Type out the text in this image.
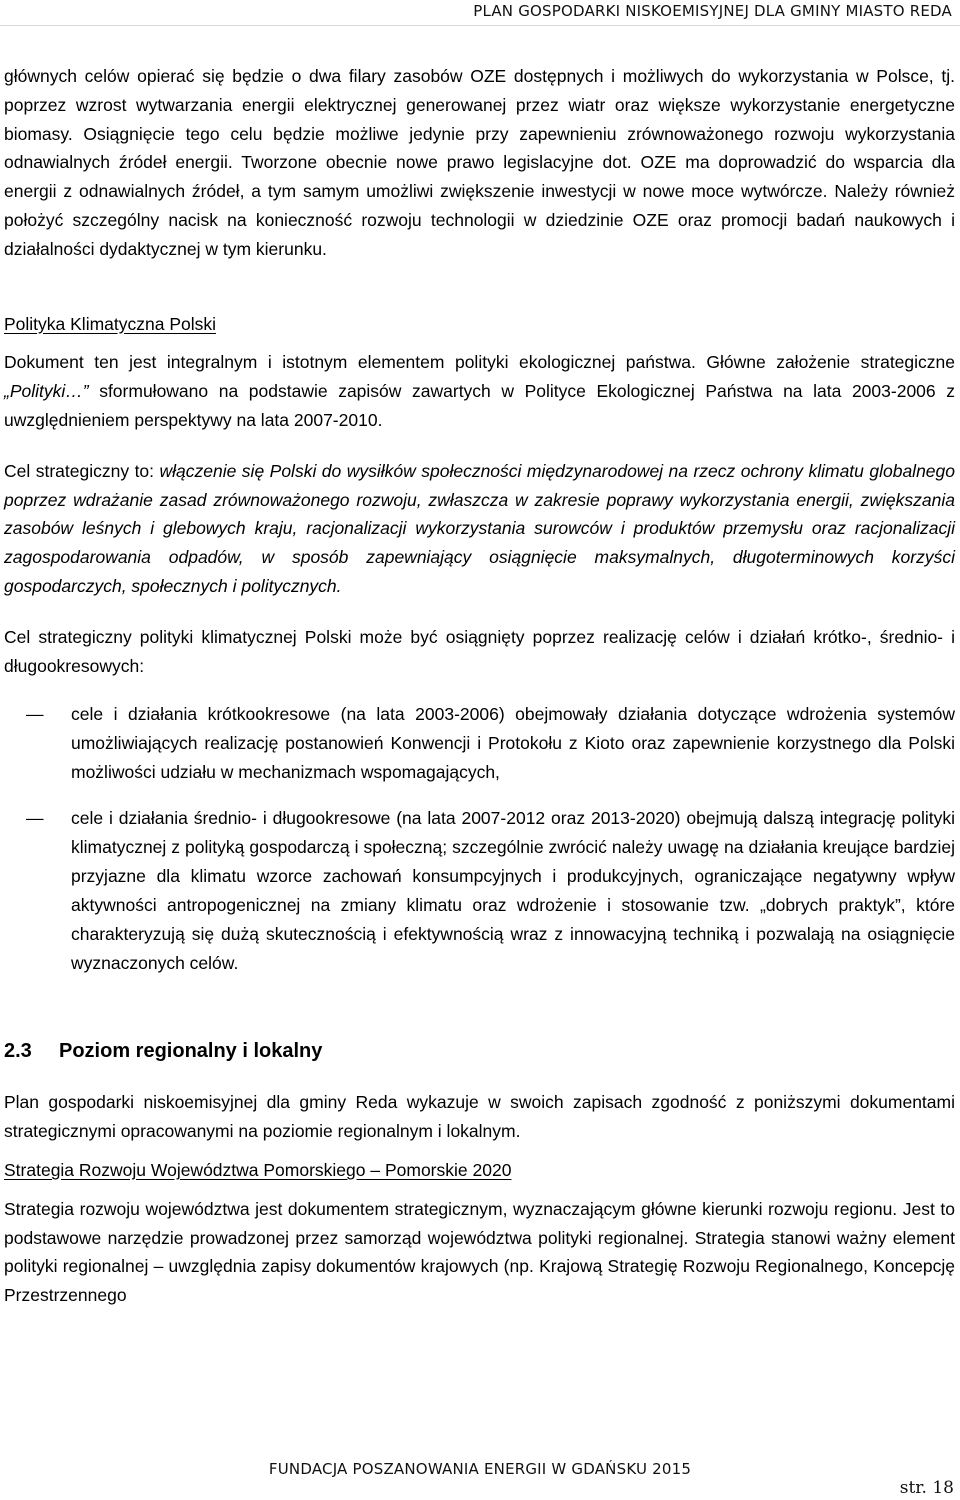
PLAN GOSPODARKI NISKOEMISYJNEJ DLA GMINY MIASTO REDA

głównych celów opierać się będzie o dwa filary zasobów OZE dostępnych i możliwych do wykorzystania w Polsce, tj. poprzez wzrost wytwarzania energii elektrycznej generowanej przez wiatr oraz większe wykorzystanie energetyczne biomasy. Osiągnięcie tego celu będzie możliwe jedynie przy zapewnieniu zrównoważonego rozwoju wykorzystania odnawialnych źródeł energii. Tworzone obecnie nowe prawo legislacyjne dot. OZE ma doprowadzić do wsparcia dla energii z odnawialnych źródeł, a tym samym umożliwi zwiększenie inwestycji w nowe moce wytwórcze. Należy również położyć szczególny nacisk na konieczność rozwoju technologii w dziedzinie OZE oraz promocji badań naukowych i działalności dydaktycznej w tym kierunku.

Polityka Klimatyczna Polski

Dokument ten jest integralnym i istotnym elementem polityki ekologicznej państwa. Główne założenie strategiczne „Polityki…” sformułowano na podstawie zapisów zawartych w Polityce Ekologicznej Państwa na lata 2003-2006 z uwzględnieniem perspektywy na lata 2007-2010.

Cel strategiczny to: włączenie się Polski do wysiłków społeczności międzynarodowej na rzecz ochrony klimatu globalnego poprzez wdrażanie zasad zrównoważonego rozwoju, zwłaszcza w zakresie poprawy wykorzystania energii, zwiększania zasobów leśnych i glebowych kraju, racjonalizacji wykorzystania surowców i produktów przemysłu oraz racjonalizacji zagospodarowania odpadów, w sposób zapewniający osiągnięcie maksymalnych, długoterminowych korzyści gospodarczych, społecznych i politycznych.

Cel strategiczny polityki klimatycznej Polski może być osiągnięty poprzez realizację celów i działań krótko-, średnio- i długookresowych:

—	cele i działania krótkookresowe (na lata 2003-2006) obejmowały działania dotyczące wdrożenia systemów umożliwiających realizację postanowień Konwencji i Protokołu z Kioto oraz zapewnienie korzystnego dla Polski możliwości udziału w mechanizmach wspomagających,
—	cele i działania średnio- i długookresowe (na lata 2007-2012 oraz 2013-2020) obejmują dalszą integrację polityki klimatycznej z polityką gospodarczą i społeczną; szczególnie zwrócić należy uwagę na działania kreujące bardziej przyjazne dla klimatu wzorce zachowań konsumpcyjnych i produkcyjnych, ograniczające negatywny wpływ aktywności antropogenicznej na zmiany klimatu oraz wdrożenie i stosowanie tzw. „dobrych praktyk”, które charakteryzują się dużą skutecznością i efektywnością wraz z innowacyjną techniką i pozwalają na osiągnięcie wyznaczonych celów.
2.3 Poziom regionalny i lokalny

Plan gospodarki niskoemisyjnej dla gminy Reda wykazuje w swoich zapisach zgodność z poniższymi dokumentami strategicznymi opracowanymi na poziomie regionalnym i lokalnym.

Strategia Rozwoju Województwa Pomorskiego – Pomorskie 2020

Strategia rozwoju województwa jest dokumentem strategicznym, wyznaczającym główne kierunki rozwoju regionu. Jest to podstawowe narzędzie prowadzonej przez samorząd województwa polityki regionalnej. Strategia stanowi ważny element polityki regionalnej – uwzględnia zapisy dokumentów krajowych (np. Krajową Strategię Rozwoju Regionalnego, Koncepcję Przestrzennego

FUNDACJA POSZANOWANIA ENERGII W GDAŃSKU 2015
str. 18
